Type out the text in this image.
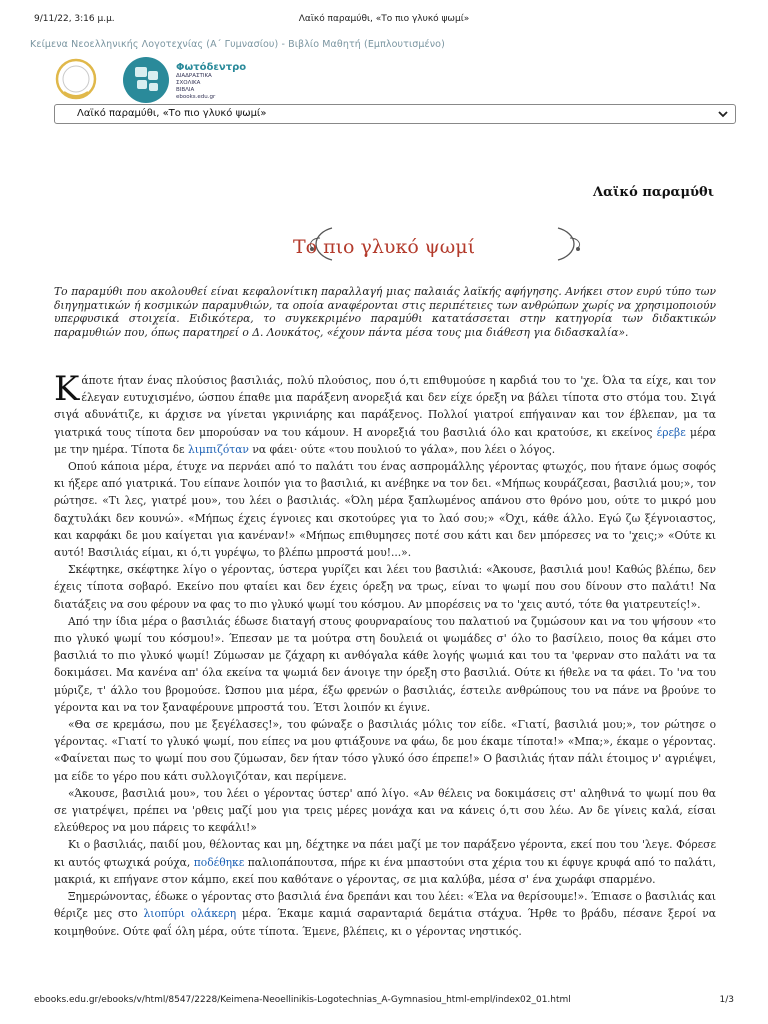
9/11/22, 3:16 μ.μ.	Λαϊκό παραμύθι, «Το πιο γλυκό ψωμί»
Κείμενα Νεοελληνικής Λογοτεχνίας (Α΄ Γυμνασίου) - Βιβλίο Μαθητή (Εμπλουτισμένο)
Φωτόδεντρο
ΔΙΑΔΡΑΣΤΙΚΑ
ΣΧΟΛΙΚΑ
ΒΙΒΛΙΑ
ebooks.edu.gr
Λαϊκό παραμύθι, «Το πιο γλυκό ψωμί»
Λαϊκό παραμύθι
Το πιο γλυκό ψωμί
Το παραμύθι που ακολουθεί είναι κεφαλονίτικη παραλλαγή μιας παλαιάς λαϊκής αφήγησης. Ανήκει στον ευρύ τύπο των διηγηματικών ή κοσμικών παραμυθιών, τα οποία αναφέρονται στις περιπέτειες των ανθρώπων χωρίς να χρησιμοποιούν υπερφυσικά στοιχεία. Ειδικότερα, το συγκεκριμένο παραμύθι κατατάσσεται στην κατηγορία των διδακτικών παραμυθιών που, όπως παρατηρεί ο Δ. Λουκάτος, «έχουν πάντα μέσα τους μια διάθεση για διδασκαλία».

Κάποτε ήταν ένας πλούσιος βασιλιάς, πολύ πλούσιος, που ό,τι επιθυμούσε η καρδιά του το 'χε. Όλα τα είχε, και τον έλεγαν ευτυχισμένο, ώσπου έπαθε μια παράξενη ανορεξιά και δεν είχε όρεξη να βάλει τίποτα στο στόμα του. Σιγά σιγά αδυνάτιζε, κι άρχισε να γίνεται γκρινιάρης και παράξενος. Πολλοί γιατροί επήγαιναν και τον έβλεπαν, μα τα γιατρικά τους τίποτα δεν μπορούσαν να του κάμουν. Η ανορεξιά του βασιλιά όλο και κρατούσε, κι εκείνος έρεβε μέρα με την ημέρα. Τίποτα δε λιμπιζόταν να φάει· ούτε «του πουλιού το γάλα», που λέει ο λόγος.

Οπού κάποια μέρα, έτυχε να περνάει από το παλάτι του ένας ασπρομάλλης γέροντας φτωχός, που ήτανε όμως σοφός κι ήξερε από γιατρικά. Του είπανε λοιπόν για το βασιλιά, κι ανέβηκε να τον δει. «Μήπως κουράζεσαι, βασιλιά μου;», τον ρώτησε. «Τι λες, γιατρέ μου», του λέει ο βασιλιάς. «Όλη μέρα ξαπλωμένος απάνου στο θρόνο μου, ούτε το μικρό μου δαχτυλάκι δεν κουνώ». «Μήπως έχεις έγνοιες και σκοτούρες για το λαό σου;» «Όχι, κάθε άλλο. Εγώ ζω ξέγνοιαστος, και καρφάκι δε μου καίγεται για κανέναν!» «Μήπως επιθυμησες ποτέ σου κάτι και δεν μπόρεσες να το 'χεις;» «Ούτε κι αυτό! Βασιλιάς είμαι, κι ό,τι γυρέψω, το βλέπω μπροστά μου!...».

Σκέφτηκε, σκέφτηκε λίγο ο γέροντας, ύστερα γυρίζει και λέει του βασιλιά: «Άκουσε, βασιλιά μου! Καθώς βλέπω, δεν έχεις τίποτα σοβαρό. Εκείνο που φταίει και δεν έχεις όρεξη να τρως, είναι το ψωμί που σου δίνουν στο παλάτι! Να διατάξεις να σου φέρουν να φας το πιο γλυκό ψωμί του κόσμου. Αν μπορέσεις να το 'χεις αυτό, τότε θα γιατρευτείς!».

Από την ίδια μέρα ο βασιλιάς έδωσε διαταγή στους φουρναραίους του παλατιού να ζυμώσουν και να του ψήσουν «το πιο γλυκό ψωμί του κόσμου!». Έπεσαν με τα μούτρα στη δουλειά οι ψωμάδες σ' όλο το βασίλειο, ποιος θα κάμει στο βασιλιά το πιο γλυκό ψωμί! Ζύμωσαν με ζάχαρη κι ανθόγαλα κάθε λογής ψωμιά και του τα 'φερναν στο παλάτι να τα δοκιμάσει. Μα κανένα απ' όλα εκείνα τα ψωμιά δεν άνοιγε την όρεξη στο βασιλιά. Ούτε κι ήθελε να τα φάει. Το 'να του μύριζε, τ' άλλο του βρομούσε. Ώσπου μια μέρα, έξω φρενών ο βασιλιάς, έστειλε ανθρώπους του να πάνε να βρούνε το γέροντα και να τον ξαναφέρουνε μπροστά του. Έτσι λοιπόν κι έγινε.

«Θα σε κρεμάσω, που με ξεγέλασες!», του φώναξε ο βασιλιάς μόλις τον είδε. «Γιατί, βασιλιά μου;», τον ρώτησε ο γέροντας. «Γιατί το γλυκό ψωμί, που είπες να μου φτιάξουνε να φάω, δε μου έκαμε τίποτα!» «Μπα;», έκαμε ο γέροντας. «Φαίνεται πως το ψωμί που σου ζύμωσαν, δεν ήταν τόσο γλυκό όσο έπρεπε!» Ο βασιλιάς ήταν πάλι έτοιμος ν' αγριέψει, μα είδε το γέρο που κάτι συλλογιζόταν, και περίμενε.

«Άκουσε, βασιλιά μου», του λέει ο γέροντας ύστερ' από λίγο. «Αν θέλεις να δοκιμάσεις στ' αληθινά το ψωμί που θα σε γιατρέψει, πρέπει να 'ρθεις μαζί μου για τρεις μέρες μονάχα και να κάνεις ό,τι σου λέω. Αν δε γίνεις καλά, είσαι ελεύθερος να μου πάρεις το κεφάλι!»

Κι ο βασιλιάς, παιδί μου, θέλοντας και μη, δέχτηκε να πάει μαζί με τον παράξενο γέροντα, εκεί που του 'λεγε. Φόρεσε κι αυτός φτωχικά ρούχα, ποδέθηκε παλιοπάπουτσα, πήρε κι ένα μπαστούνι στα χέρια του κι έφυγε κρυφά από το παλάτι, μακριά, κι επήγανε στον κάμπο, εκεί που καθότανε ο γέροντας, σε μια καλύβα, μέσα σ' ένα χωράφι σπαρμένο.

Ξημερώνοντας, έδωκε ο γέροντας στο βασιλιά ένα δρεπάνι και του λέει: «Έλα να θερίσουμε!». Έπιασε ο βασιλιάς και θέριζε μες στο λιοπύρι ολάκερη μέρα. Έκαμε καμιά σαρανταριά δεμάτια στάχυα. Ήρθε το βράδυ, πέσανε ξεροί να κοιμηθούνε. Ούτε φαΐ όλη μέρα, ούτε τίποτα. Έμενε, βλέπεις, κι ο γέροντας νηστικός.

ebooks.edu.gr/ebooks/v/html/8547/2228/Keimena-Neoellinikis-Logotechnias_A-Gymnasiou_html-empl/index02_01.html	1/3
